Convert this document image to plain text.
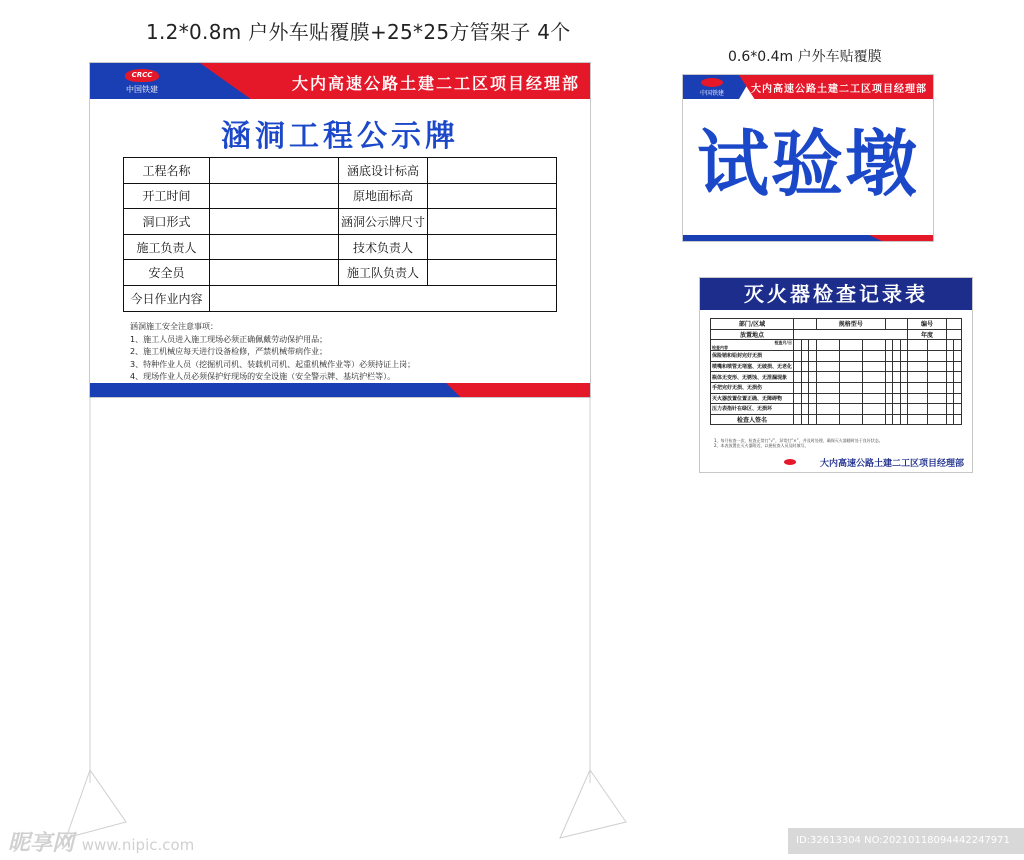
1.2*0.8m 户外车贴覆膜+25*25方管架子 4个
0.6*0.4m 户外车贴覆膜
CRCC
中国铁建	大内高速公路土建二工区项目经理部
涵洞工程公示牌
工程名称		涵底设计标高	
开工时间		原地面标高	
洞口形式		涵洞公示牌尺寸	
施工负责人		技术负责人	
安全员		施工队负责人	
今日作业内容			
涵洞施工安全注意事项：
1、施工人员进入施工现场必须正确佩戴劳动保护用品；
2、施工机械应每天进行设备检修，严禁机械带病作业；
3、特种作业人员（挖掘机司机、装载机司机、起重机械作业等）必须持证上岗；
4、现场作业人员必须保护好现场的安全设施（安全警示牌、基坑护栏等）。
中国铁建	大内高速公路土建二工区项目经理部
试验墩
灭火器检查记录表
部门/区域				规格型号						编号			
放置地点										年度			

检查月/日
检查内容													

保险销和铅封完好无损													
喷嘴和喷管无堵塞、无破损、无老化													
瓶体无变形、无锈蚀、无泄漏现象													
手把完好无损、无损伤													
灭火器放置位置正确、无障碍物													
压力表指针在绿区、无损坏													
检查人签名													
1、每月检查一次，检查正常打“√”，异常打“×”，并及时处理，确保灭火器随时处于良好状态。
2、本表放置在灭火器附近，以便检查人员及时填写。
大内高速公路土建二工区项目经理部
昵享网 www.nipic.com	ID:32613304 NO:20210118094442247971
